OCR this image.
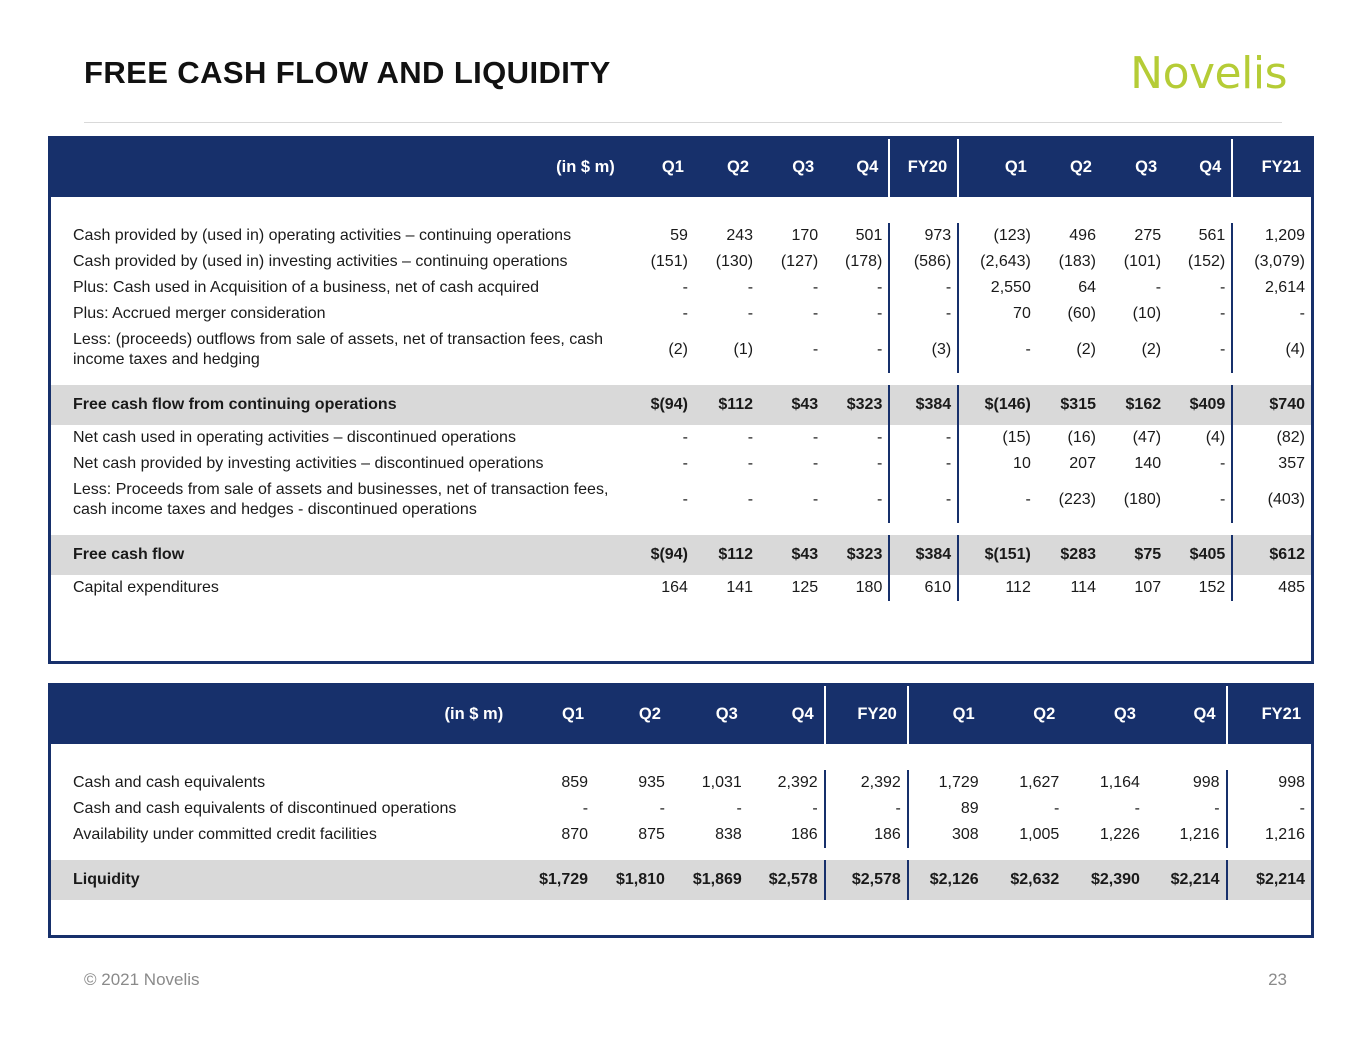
FREE CASH FLOW AND LIQUIDITY	Novelis
(in $ m)	Q1	Q2	Q3	Q4	FY20	Q1	Q2	Q3	Q4	FY21

Cash provided by (used in) operating activities – continuing operations	59	243	170	501	973	(123)	496	275	561	1,209
Cash provided by (used in) investing activities – continuing operations	(151)	(130)	(127)	(178)	(586)	(2,643)	(183)	(101)	(152)	(3,079)
Plus: Cash used in Acquisition of a business, net of cash acquired	-	-	-	-	-	2,550	64	-	-	2,614
Plus: Accrued merger consideration	-	-	-	-	-	70	(60)	(10)	-	-
Less: (proceeds) outflows from sale of assets, net of transaction fees, cash income taxes and hedging	(2)	(1)	-	-	(3)	-	(2)	(2)	-	(4)

Free cash flow from continuing operations	$(94)	$112	$43	$323	$384	$(146)	$315	$162	$409	$740
Net cash used in operating activities – discontinued operations	-	-	-	-	-	(15)	(16)	(47)	(4)	(82)
Net cash provided by investing activities – discontinued operations	-	-	-	-	-	10	207	140	-	357
Less: Proceeds from sale of assets and businesses, net of transaction fees, cash income taxes and hedges - discontinued operations	-	-	-	-	-	-	(223)	(180)	-	(403)

Free cash flow	$(94)	$112	$43	$323	$384	$(151)	$283	$75	$405	$612
Capital expenditures	164	141	125	180	610	112	114	107	152	485
(in $ m)	Q1	Q2	Q3	Q4	FY20	Q1	Q2	Q3	Q4	FY21

Cash and cash equivalents	859	935	1,031	2,392	2,392	1,729	1,627	1,164	998	998
Cash and cash equivalents of discontinued operations	-	-	-	-	-	89	-	-	-	-
Availability under committed credit facilities	870	875	838	186	186	308	1,005	1,226	1,216	1,216

Liquidity	$1,729	$1,810	$1,869	$2,578	$2,578	$2,126	$2,632	$2,390	$2,214	$2,214
© 2021 Novelis	23
